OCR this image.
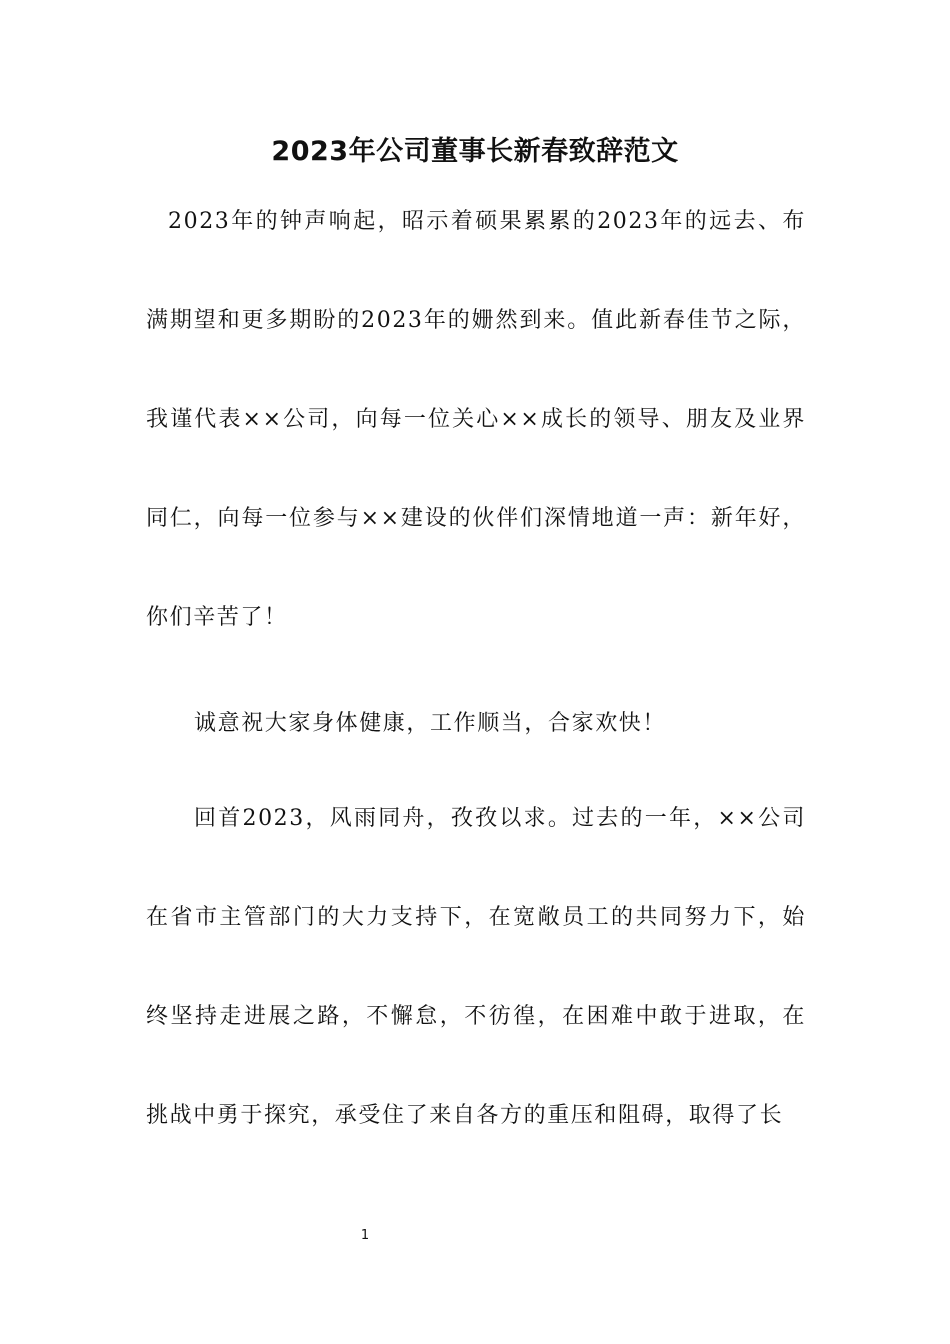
2023年公司董事长新春致辞范文

2023年的钟声响起，昭示着硕果累累的2023年的远去、布满期望和更多期盼的2023年的姗然到来。值此新春佳节之际，我谨代表××公司，向每一位关心××成长的领导、朋友及业界同仁，向每一位参与××建设的伙伴们深情地道一声：新年好，你们辛苦了！

诚意祝大家身体健康，工作顺当，合家欢快！

回首2023，风雨同舟，孜孜以求。过去的一年，××公司在省市主管部门的大力支持下，在宽敞员工的共同努力下，始终坚持走进展之路，不懈怠，不彷徨，在困难中敢于进取，在挑战中勇于探究，承受住了来自各方的重压和阻碍，取得了长

1
